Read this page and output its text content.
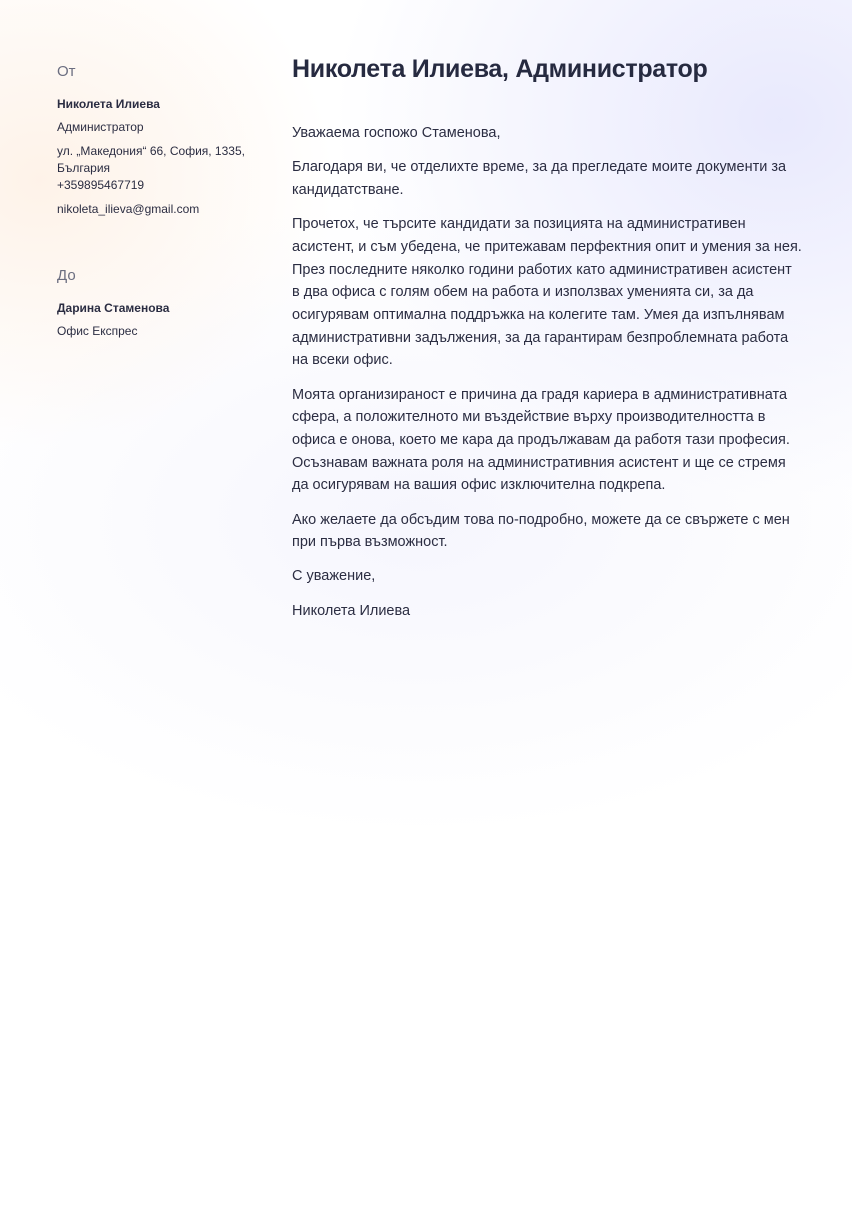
От
Николета Илиева
Администратор
ул. „Македония“ 66, София, 1335, България
+359895467719
nikoleta_ilieva@gmail.com
До
Дарина Стаменова
Офис Експрес
Николета Илиева, Администратор

Уважаема госпожо Стаменова,

Благодаря ви, че отделихте време, за да прегледате моите документи за кандидатстване.

Прочетох, че търсите кандидати за позицията на административен асистент, и съм убедена, че притежавам перфектния опит и умения за нея. През последните няколко години работих като административен асистент в два офиса с голям обем на работа и използвах уменията си, за да осигурявам оптимална поддръжка на колегите там. Умея да изпълнявам административни задължения, за да гарантирам безпроблемната работа на всеки офис.

Моята организираност е причина да градя кариера в административната сфера, а положителното ми въздействие върху производителността в офиса е онова, което ме кара да продължавам да работя тази професия. Осъзнавам важната роля на административния асистент и ще се стремя да осигурявам на вашия офис изключителна подкрепа.

Ако желаете да обсъдим това по-подробно, можете да се свържете с мен при първа възможност.

С уважение,

Николета Илиева
